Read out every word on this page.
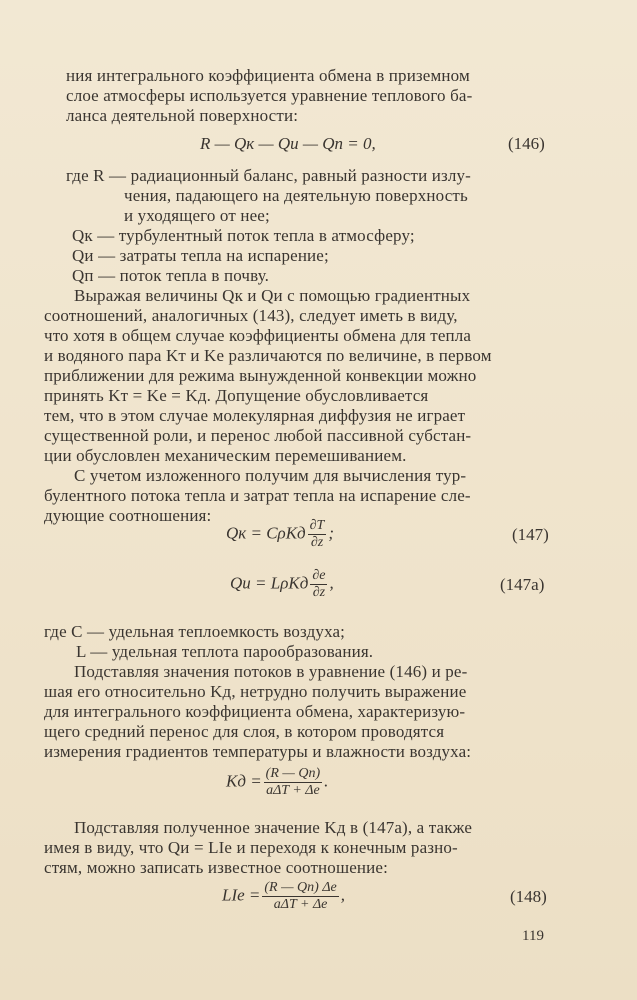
ния интегрального коэффициента обмена в приземном
слое атмосферы используется уравнение теплового ба-
ланса деятельной поверхности:
R — Qк — Qи — Qп = 0,	(146)
где R — радиационный баланс, равный разности излу-
чения, падающего на деятельную поверхность
и уходящего от нее;
Qк — турбулентный поток тепла в атмосферу;
Qи — затраты тепла на испарение;
Qп — поток тепла в почву.
Выражая величины Qк и Qи с помощью градиентных
соотношений, аналогичных (143), следует иметь в виду,
что хотя в общем случае коэффициенты обмена для тепла
и водяного пара Kт и Ke различаются по величине, в первом
приближении для режима вынужденной конвекции можно
принять Kт = Ke = Kд. Допущение обусловливается
тем, что в этом случае молекулярная диффузия не играет
существенной роли, и перенос любой пассивной субстан-
ции обусловлен механическим перемешиванием.
С учетом изложенного получим для вычисления тур-
булентного потока тепла и затрат тепла на испарение сле-
дующие соотношения:
Qк = CρKд $\frac{\partial T}{\partial z}$ ;	(147)
Qи = LρKд $\frac{\partial e}{\partial z}$ ,	(147а)
где C — удельная теплоемкость воздуха;
L — удельная теплота парообразования.
Подставляя значения потоков в уравнение (146) и ре-
шая его относительно Kд, нетрудно получить выражение
для интегрального коэффициента обмена, характеризую-
щего средний перенос для слоя, в котором проводятся
измерения градиентов температуры и влажности воздуха:
Kд = $\frac{(R — Qп)}{\text{aΔT + Δe}}$ .
Подставляя полученное значение Kд в (147а), а также
имея в виду, что Qи = LIe и переходя к конечным разно-
стям, можно записать известное соотношение:
LIe = $\frac{(R — Qп) \Delta e}{\text{aΔT + Δe}}$ ,	(148)
119
